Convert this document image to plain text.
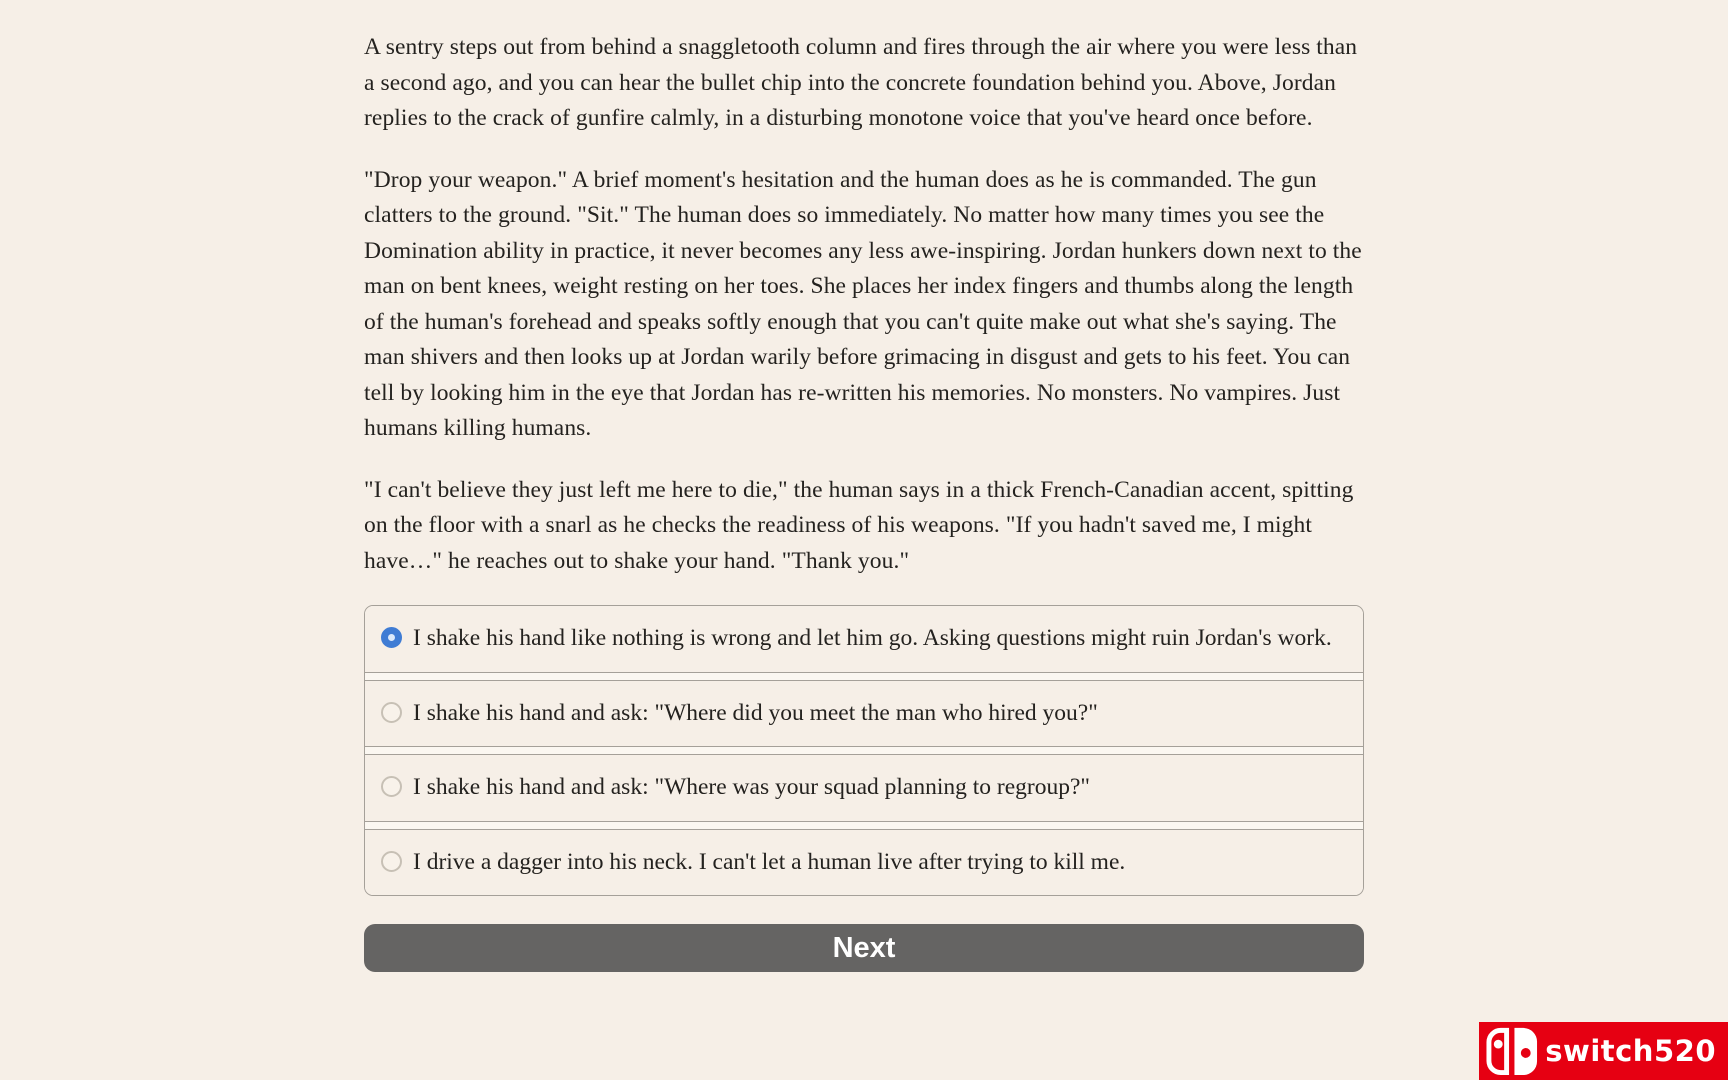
A sentry steps out from behind a snaggletooth column and fires through the air where you were less than a second ago, and you can hear the bullet chip into the concrete foundation behind you. Above, Jordan replies to the crack of gunfire calmly, in a disturbing monotone voice that you've heard once before.

"Drop your weapon." A brief moment's hesitation and the human does as he is commanded. The gun clatters to the ground. "Sit." The human does so immediately. No matter how many times you see the Domination ability in practice, it never becomes any less awe-inspiring. Jordan hunkers down next to the man on bent knees, weight resting on her toes. She places her index fingers and thumbs along the length of the human's forehead and speaks softly enough that you can't quite make out what she's saying. The man shivers and then looks up at Jordan warily before grimacing in disgust and gets to his feet. You can tell by looking him in the eye that Jordan has re-written his memories. No monsters. No vampires. Just humans killing humans.

"I can't believe they just left me here to die," the human says in a thick French-Canadian accent, spitting on the floor with a snarl as he checks the readiness of his weapons. "If you hadn't saved me, I might have…" he reaches out to shake your hand. "Thank you."

I shake his hand like nothing is wrong and let him go. Asking questions might ruin Jordan's work.
I shake his hand and ask: "Where did you meet the man who hired you?"
I shake his hand and ask: "Where was your squad planning to regroup?"
I drive a dagger into his neck. I can't let a human live after trying to kill me.
Next
switch520
